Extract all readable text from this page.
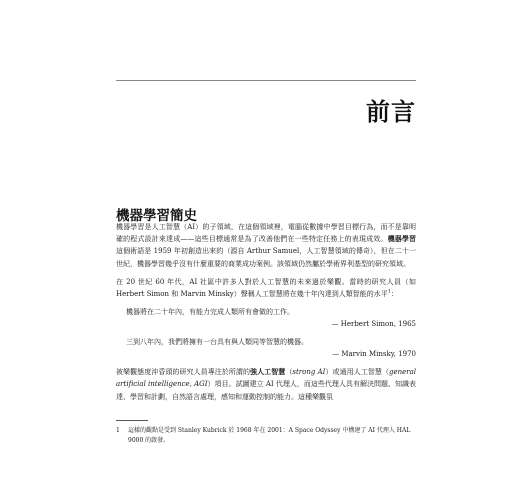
前言
機器學習簡史

機器學習是人工智慧（AI）的子領域，在這個領域裡，電腦從數據中學習目標行為，而不是靠明確的程式設計來達成——這些目標通常是為了改善他們在一些特定任務上的表現成效。機器學習這個術語是 1959 年初創造出來的（源自 Arthur Samuel，人工智慧領域的傳奇），但在二十一世紀，機器學習幾乎沒有什麼重要的商業成功案例。該領域仍然屬於學術界利基型的研究領域。

在 20 世紀 60 年代，AI 社區中許多人對於人工智慧的未來過於樂觀。當時的研究人員（如 Herbert Simon 和 Marvin Minsky）聲稱人工智慧將在幾十年內達到人類智能的水平$^1$：

機器將在二十年內，有能力完成人類所有會做的工作。

— Herbert Simon, 1965

三到八年內，我們將擁有一台具有與人類同等智慧的機器。

— Marvin Minsky, 1970

被樂觀態度沖昏頭的研究人員專注於所謂的強人工智慧（strong AI）或通用人工智慧（general artificial intelligence, AGI）項目。試圖建立 AI 代理人，而這些代理人具有解決問題、知識表達、學習和計劃，自然語言處理，感知和運動控制的能力。這種樂觀氛

1	這樣的觀點是受到 Stanley Kubrick 於 1968 年在 2001：A Space Odyssey 中構建了 AI 代理人 HAL 9000 的啟發。
